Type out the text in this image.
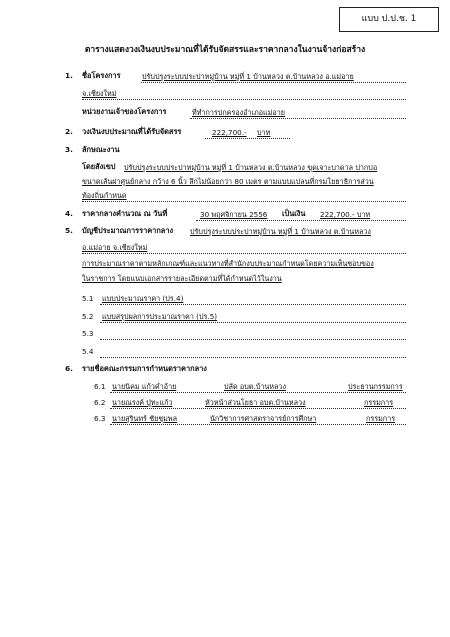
แบบ ป.ป.ช. 1
ตารางแสดงวงเงินงบประมาณที่ได้รับจัดสรรและราคากลางในงานจ้างก่อสร้าง
1. ชื่อโครงการ	ปรับปรุงระบบประปาหมู่บ้าน หมู่ที่ 1 บ้านหลวง ต.บ้านหลวง อ.แม่อาย
จ.เชียงใหม่
หน่วยงานเจ้าของโครงการ	ที่ทำการปกครองอำเภอแม่อาย
2. วงเงินงบประมาณที่ได้รับจัดสรร	222,700.- บาท
3. ลักษณะงาน
โดยสังเขป ปรับปรุงระบบประปาหมู่บ้าน หมู่ที่ 1 บ้านหลวง ต.บ้านหลวง ขุดเจาะบาดาล ปากบ่อ
ขนาดเส้นผ่าศูนย์กลาง กว้าง 6 นิ้ว ลึกไม่น้อยกว่า 80 เมตร ตามแบบแปลนที่กรมโยธาธิการส่วน
ท้องถิ่นกำหนด
4. ราคากลางคำนวณ ณ วันที่	30 พฤศจิกายน 2556 เป็นเงิน 222,700.- บาท
5. บัญชีประมาณการราคากลาง ปรับปรุงระบบประปาหมู่บ้าน หมู่ที่ 1 บ้านหลวง ต.บ้านหลวง
อ.แม่อาย จ.เชียงใหม่
การประมาณราคาตามหลักเกณฑ์และแนวทางที่สำนักงบประมาณกำหนดโดยความเห็นชอบของ
ในราชการ โดยแนบเอกสารรายละเอียดตามที่ได้กำหนดไว้ในงาน
5.1 แบบประมาณราคา (ปร.4)
5.2 แบบสรุปผลการประมาณราคา (ปร.5)
5.3
5.4
6. รายชื่อคณะกรรมการกำหนดราคากลาง
6.1 นายนิคม แก้วคำอ้าย	ปลัด อบต.บ้านหลวง	ประธานกรรมการ
6.2 นายณรงค์ ปู่ทะแก้ว	หัวหน้าส่วนโยธา อบต.บ้านหลวง	กรรมการ
6.3 นายสุรินทร์ ชัยชุมพล	นักวิชาการศาสตราจารย์การศึกษา	กรรมการ
